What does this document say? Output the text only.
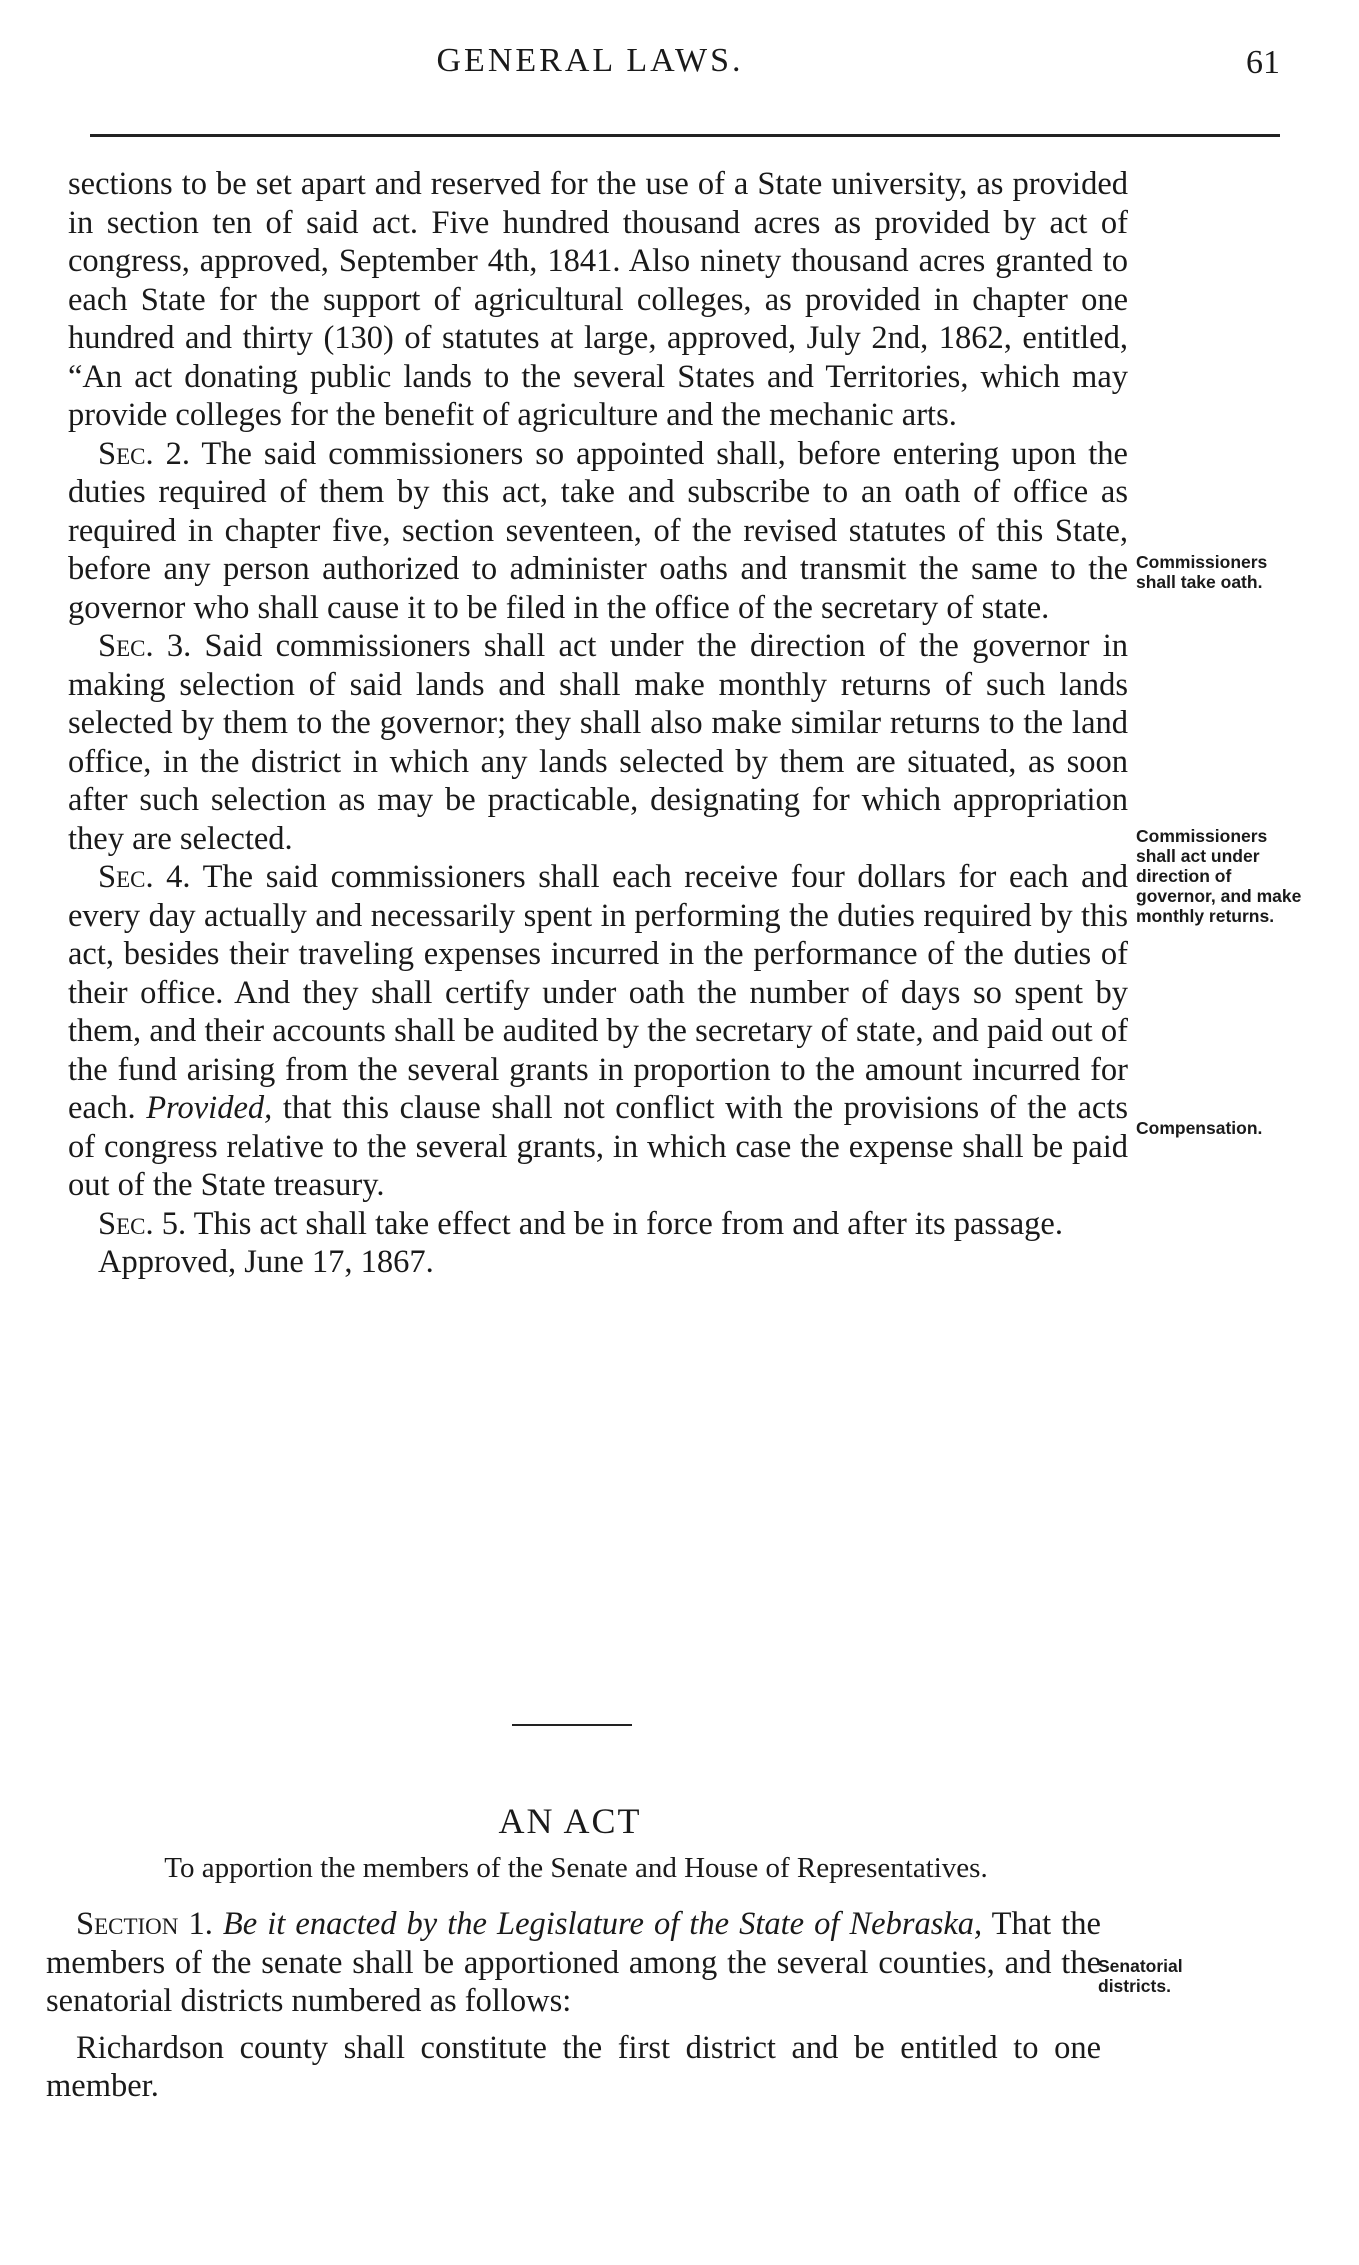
GENERAL LAWS.	61

sections to be set apart and reserved for the use of a State university, as provided in section ten of said act. Five hundred thousand acres as provided by act of congress, approved, September 4th, 1841. Also ninety thousand acres granted to each State for the support of agricultural colleges, as provided in chapter one hundred and thirty (130) of statutes at large, approved, July 2nd, 1862, entitled, “An act donating public lands to the several States and Territories, which may provide colleges for the benefit of agriculture and the mechanic arts.

Sec. 2. The said commissioners so appointed shall, before entering upon the duties required of them by this act, take and subscribe to an oath of office as required in chapter five, section seventeen, of the revised statutes of this State, before any person authorized to administer oaths and transmit the same to the governor who shall cause it to be filed in the office of the secretary of state.

Sec. 3. Said commissioners shall act under the direction of the governor in making selection of said lands and shall make monthly returns of such lands selected by them to the governor; they shall also make similar returns to the land office, in the district in which any lands selected by them are situated, as soon after such selection as may be practicable, designating for which appropriation they are selected.

Sec. 4. The said commissioners shall each receive four dollars for each and every day actually and necessarily spent in performing the duties required by this act, besides their traveling expenses incurred in the performance of the duties of their office. And they shall certify under oath the number of days so spent by them, and their accounts shall be audited by the secretary of state, and paid out of the fund arising from the several grants in proportion to the amount incurred for each. Provided, that this clause shall not conflict with the provisions of the acts of congress relative to the several grants, in which case the expense shall be paid out of the State treasury.

Sec. 5. This act shall take effect and be in force from and after its passage.

Approved, June 17, 1867.

Commissioners shall take oath.
Commissioners shall act under direction of governor, and make monthly returns.
Compensation.
AN ACT
To apportion the members of the Senate and House of Representatives.

Section 1. Be it enacted by the Legislature of the State of Nebraska, That the members of the senate shall be apportioned among the several counties, and the senatorial districts numbered as follows:

Richardson county shall constitute the first district and be entitled to one member.

Senatorial districts.
